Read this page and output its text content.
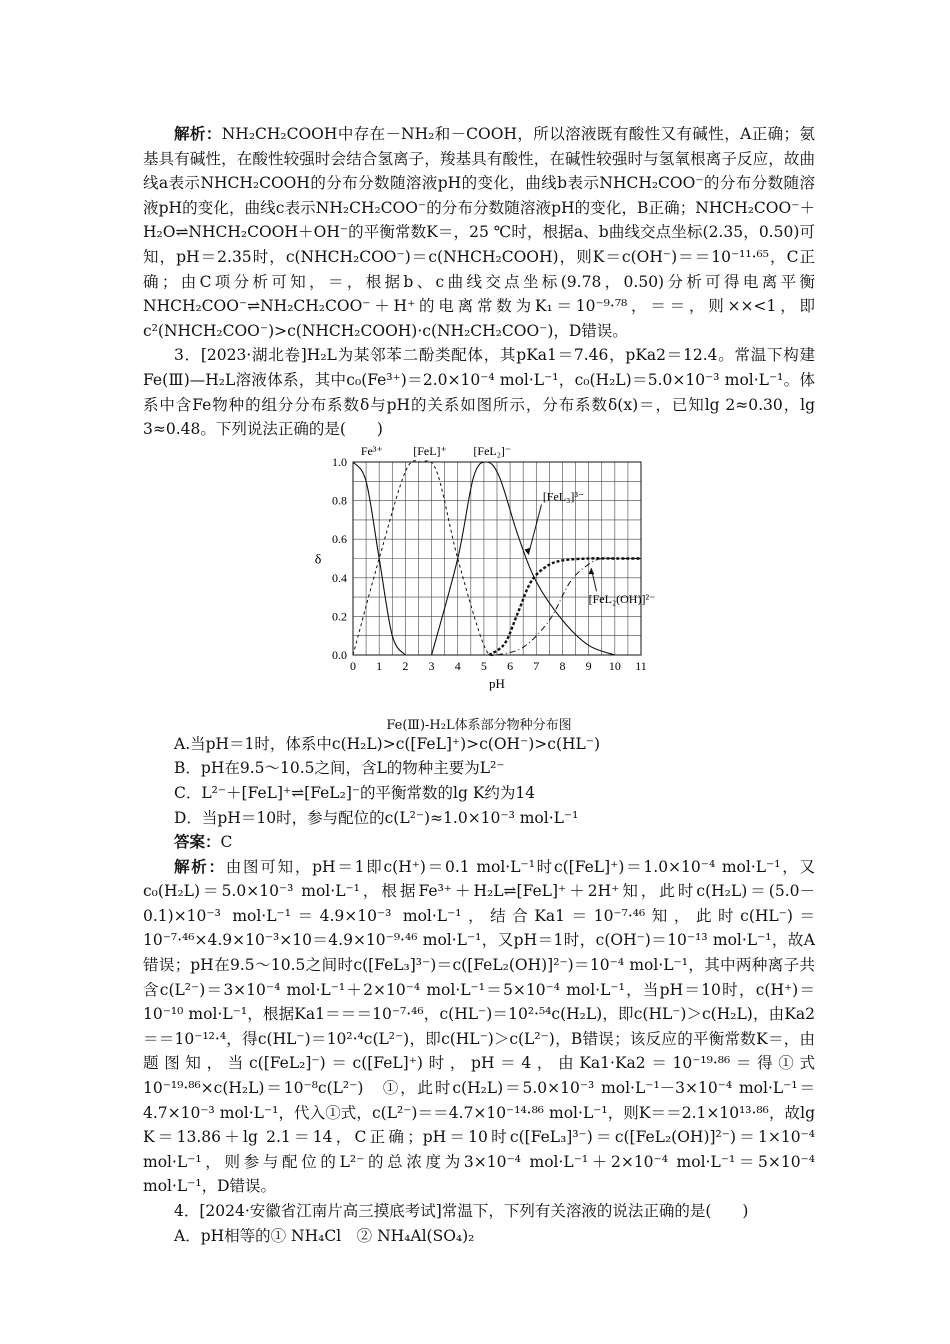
解析：NH₂CH₂COOH中存在－NH₂和－COOH，所以溶液既有酸性又有碱性，A正确；氨基具有碱性，在酸性较强时会结合氢离子，羧基具有酸性，在碱性较强时与氢氧根离子反应，故曲线a表示NHCH₂COOH的分布分数随溶液pH的变化，曲线b表示NHCH₂COO⁻的分布分数随溶液pH的变化，曲线c表示NH₂CH₂COO⁻的分布分数随溶液pH的变化，B正确；NHCH₂COO⁻＋H₂O⇌NHCH₂COOH＋OH⁻的平衡常数K＝，25 ℃时，根据a、b曲线交点坐标(2.35，0.50)可知，pH＝2.35时，c(NHCH₂COO⁻)＝c(NHCH₂COOH)，则K＝c(OH⁻)＝＝10⁻¹¹·⁶⁵，C正确；由C项分析可知，＝，根据b、c曲线交点坐标(9.78，0.50)分析可得电离平衡NHCH₂COO⁻⇌NH₂CH₂COO⁻＋H⁺的电离常数为K₁＝10⁻⁹·⁷⁸，＝＝，则××<1，即c²(NHCH₂COO⁻)>c(NHCH₂COOH)·c(NH₂CH₂COO⁻)，D错误。

3．[2023·湖北卷]H₂L为某邻苯二酚类配体，其pKa1＝7.46，pKa2＝12.4。常温下构建Fe(Ⅲ)—H₂L溶液体系，其中c₀(Fe³⁺)＝2.0×10⁻⁴ mol·L⁻¹，c₀(H₂L)＝5.0×10⁻³ mol·L⁻¹。体系中含Fe物种的组分分布系数δ与pH的关系如图所示，分布系数δ(x)＝，已知lg 2≈0.30，lg 3≈0.48。下列说法正确的是(　　)

0 1 2 3 4 5 6 7 8 9 10 11
0.0
0.2
0.4
0.6
0.8
1.0
pH
δ
Fe³⁺	[FeL]⁺ [FeL₂]⁻
[FeL₃]³⁻
[FeL₂(OH)]²⁻
Fe(Ⅲ)-H₂L体系部分物种分布图

A.当pH＝1时，体系中c(H₂L)>c([FeL]⁺)>c(OH⁻)>c(HL⁻)

B．pH在9.5～10.5之间，含L的物种主要为L²⁻

C．L²⁻＋[FeL]⁺⇌[FeL₂]⁻的平衡常数的lg K约为14

D．当pH＝10时，参与配位的c(L²⁻)≈1.0×10⁻³ mol·L⁻¹

答案：C

解析：由图可知，pH＝1即c(H⁺)＝0.1 mol·L⁻¹时c([FeL]⁺)＝1.0×10⁻⁴ mol·L⁻¹，又c₀(H₂L)＝5.0×10⁻³ mol·L⁻¹，根据Fe³⁺＋H₂L⇌[FeL]⁺＋2H⁺知，此时c(H₂L)＝(5.0－0.1)×10⁻³ mol·L⁻¹＝4.9×10⁻³ mol·L⁻¹，结合Ka1＝10⁻⁷·⁴⁶知，此时c(HL⁻)＝10⁻⁷·⁴⁶×4.9×10⁻³×10＝4.9×10⁻⁹·⁴⁶ mol·L⁻¹，又pH＝1时，c(OH⁻)＝10⁻¹³ mol·L⁻¹，故A错误；pH在9.5～10.5之间时c([FeL₃]³⁻)＝c([FeL₂(OH)]²⁻)＝10⁻⁴ mol·L⁻¹，其中两种离子共含c(L²⁻)＝3×10⁻⁴ mol·L⁻¹＋2×10⁻⁴ mol·L⁻¹＝5×10⁻⁴ mol·L⁻¹，当pH＝10时，c(H⁺)＝10⁻¹⁰ mol·L⁻¹，根据Ka1＝＝＝10⁻⁷·⁴⁶，c(HL⁻)＝10²·⁵⁴c(H₂L)，即c(HL⁻)＞c(H₂L)，由Ka2＝＝10⁻¹²·⁴，得c(HL⁻)＝10²·⁴c(L²⁻)，即c(HL⁻)＞c(L²⁻)，B错误；该反应的平衡常数K＝，由题图知，当c([FeL₂]⁻)＝c([FeL]⁺)时，pH＝4，由Ka1·Ka2＝10⁻¹⁹·⁸⁶＝得①式10⁻¹⁹·⁸⁶×c(H₂L)＝10⁻⁸c(L²⁻)　①，此时c(H₂L)＝5.0×10⁻³ mol·L⁻¹－3×10⁻⁴ mol·L⁻¹＝4.7×10⁻³ mol·L⁻¹，代入①式，c(L²⁻)＝＝4.7×10⁻¹⁴·⁸⁶ mol·L⁻¹，则K＝＝2.1×10¹³·⁸⁶，故lg K＝13.86＋lg 2.1＝14，C正确；pH＝10时c([FeL₃]³⁻)＝c([FeL₂(OH)]²⁻)＝1×10⁻⁴ mol·L⁻¹，则参与配位的L²⁻的总浓度为3×10⁻⁴ mol·L⁻¹＋2×10⁻⁴ mol·L⁻¹＝5×10⁻⁴ mol·L⁻¹，D错误。

4．[2024·安徽省江南片高三摸底考试]常温下，下列有关溶液的说法正确的是(　　)

A．pH相等的① NH₄Cl　② NH₄Al(SO₄)₂
